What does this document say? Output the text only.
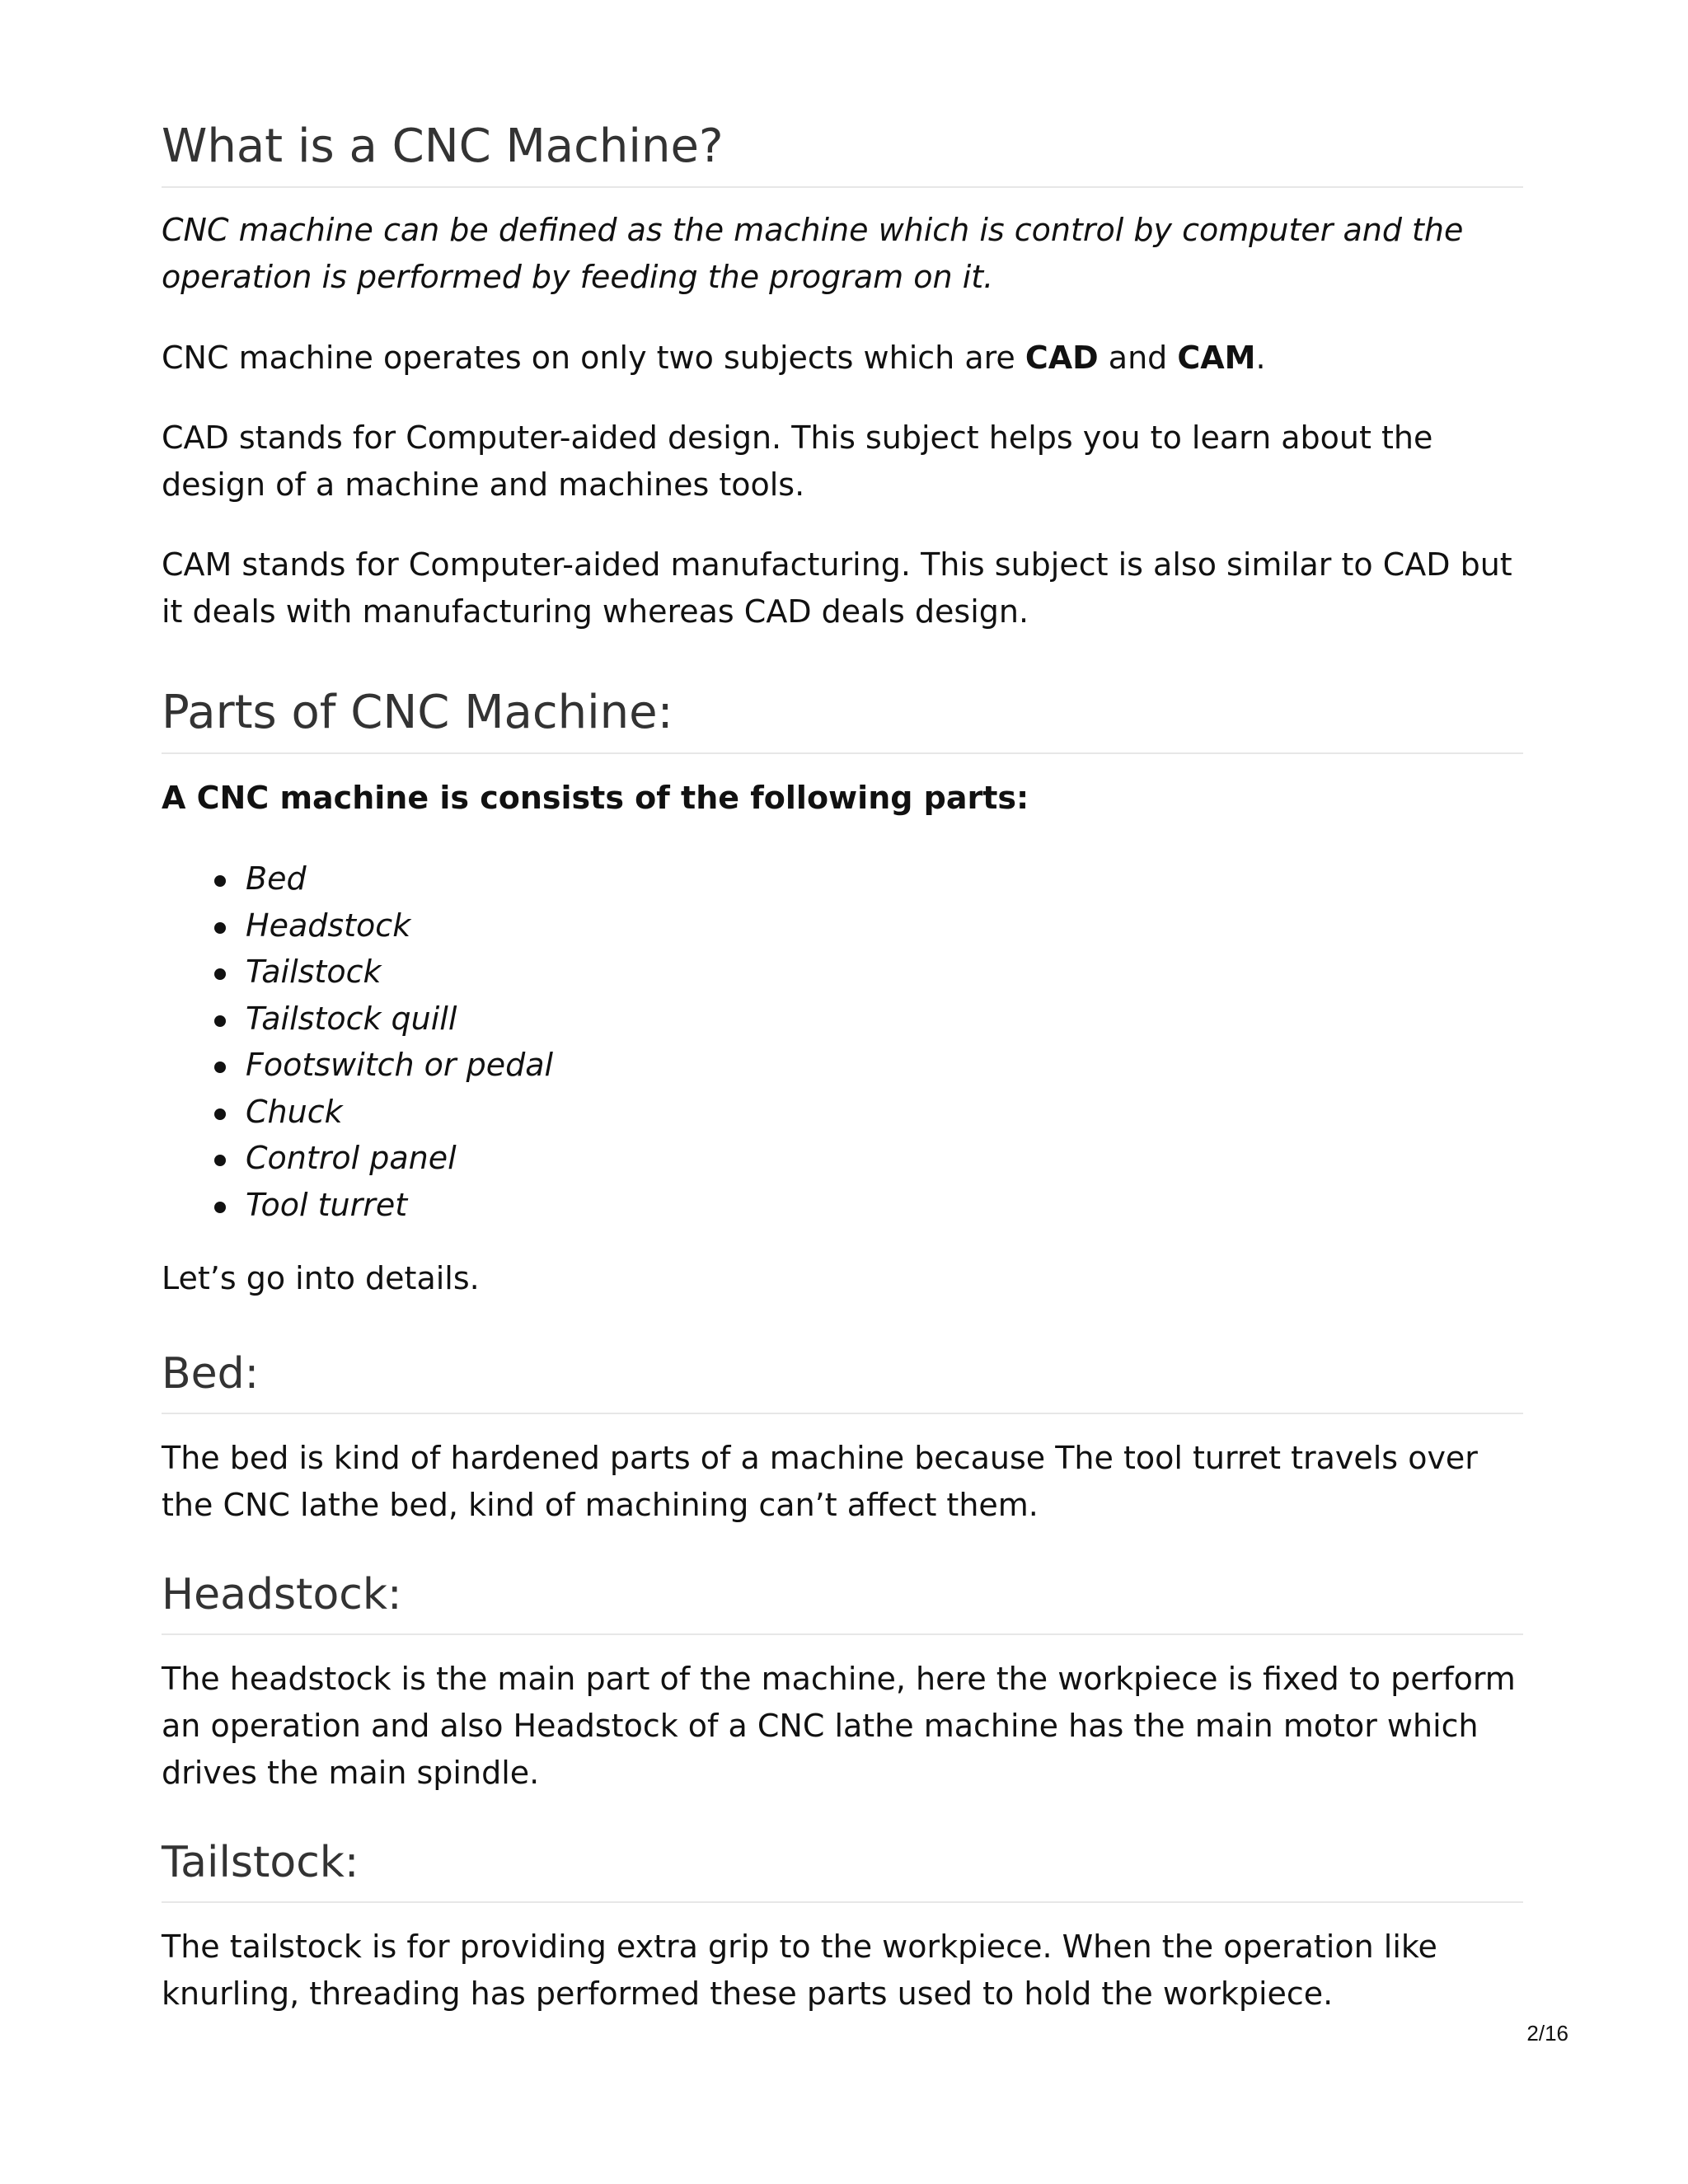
What is a CNC Machine?

CNC machine can be defined as the machine which is control by computer and the operation is performed by feeding the program on it.

CNC machine operates on only two subjects which are CAD and CAM.

CAD stands for Computer-aided design. This subject helps you to learn about the design of a machine and machines tools.

CAM stands for Computer-aided manufacturing. This subject is also similar to CAD but it deals with manufacturing whereas CAD deals design.

Parts of CNC Machine:

A CNC machine is consists of the following parts:

Bed
Headstock
Tailstock
Tailstock quill
Footswitch or pedal
Chuck
Control panel
Tool turret

Let’s go into details.

Bed:

The bed is kind of hardened parts of a machine because The tool turret travels over the CNC lathe bed, kind of machining can’t affect them.

Headstock:

The headstock is the main part of the machine, here the workpiece is fixed to perform an operation and also Headstock of a CNC lathe machine has the main motor which drives the main spindle.

Tailstock:

The tailstock is for providing extra grip to the workpiece. When the operation like knurling, threading has performed these parts used to hold the workpiece.

2/16
